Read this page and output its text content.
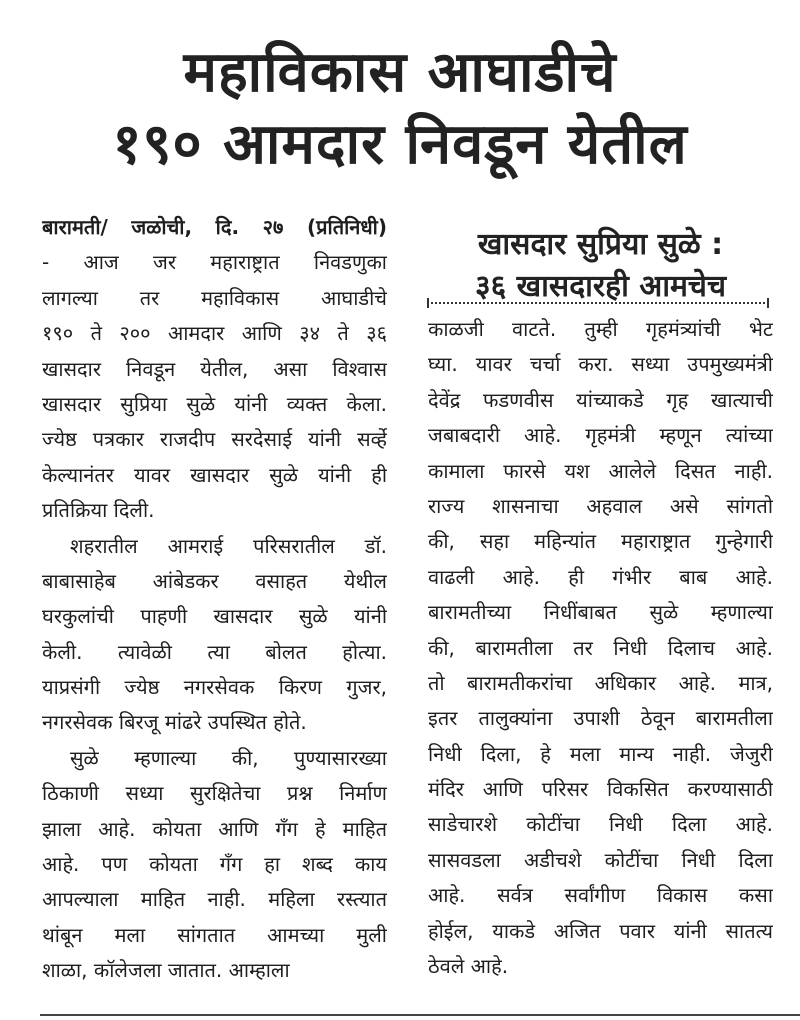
महाविकास आघाडीचे
१९० आमदार निवडून येतील
बारामती/ जळोची, दि. २७ (प्रतिनिधी)
- आज जर महाराष्ट्रात निवडणुका
लागल्या तर महाविकास आघाडीचे
१९० ते २०० आमदार आणि ३४ ते ३६
खासदार निवडून येतील, असा विश्वास
खासदार सुप्रिया सुळे यांनी व्यक्त केला.
ज्येष्ठ पत्रकार राजदीप सरदेसाई यांनी सर्व्हे
केल्यानंतर यावर खासदार सुळे यांनी ही
प्रतिक्रिया दिली.
शहरातील आमराई परिसरातील डॉ.
बाबासाहेब आंबेडकर वसाहत येथील
घरकुलांची पाहणी खासदार सुळे यांनी
केली. त्यावेळी त्या बोलत होत्या.
याप्रसंगी ज्येष्ठ नगरसेवक किरण गुजर,
नगरसेवक बिरजू मांढरे उपस्थित होते.
सुळे म्हणाल्या की, पुण्यासारख्या
ठिकाणी सध्या सुरक्षितेचा प्रश्न निर्माण
झाला आहे. कोयता आणि गँग हे माहित
आहे. पण कोयता गँग हा शब्द काय
आपल्याला माहित नाही. महिला रस्त्यात
थांबून मला सांगतात आमच्या मुली
शाळा, कॉलेजला जातात. आम्हाला
खासदार सुप्रिया सुळे :
३६ खासदारही आमचेच
काळजी वाटते. तुम्ही गृहमंत्र्यांची भेट
घ्या. यावर चर्चा करा. सध्या उपमुख्यमंत्री
देवेंद्र फडणवीस यांच्याकडे गृह खात्याची
जबाबदारी आहे. गृहमंत्री म्हणून त्यांच्या
कामाला फारसे यश आलेले दिसत नाही.
राज्य शासनाचा अहवाल असे सांगतो
की, सहा महिन्यांत महाराष्ट्रात गुन्हेगारी
वाढली आहे. ही गंभीर बाब आहे.
बारामतीच्या निधींबाबत सुळे म्हणाल्या
की, बारामतीला तर निधी दिलाच आहे.
तो बारामतीकरांचा अधिकार आहे. मात्र,
इतर तालुक्यांना उपाशी ठेवून बारामतीला
निधी दिला, हे मला मान्य नाही. जेजुरी
मंदिर आणि परिसर विकसित करण्यासाठी
साडेचारशे कोटींचा निधी दिला आहे.
सासवडला अडीचशे कोटींचा निधी दिला
आहे. सर्वत्र सर्वांगीण विकास कसा
होईल, याकडे अजित पवार यांनी सातत्य
ठेवले आहे.
